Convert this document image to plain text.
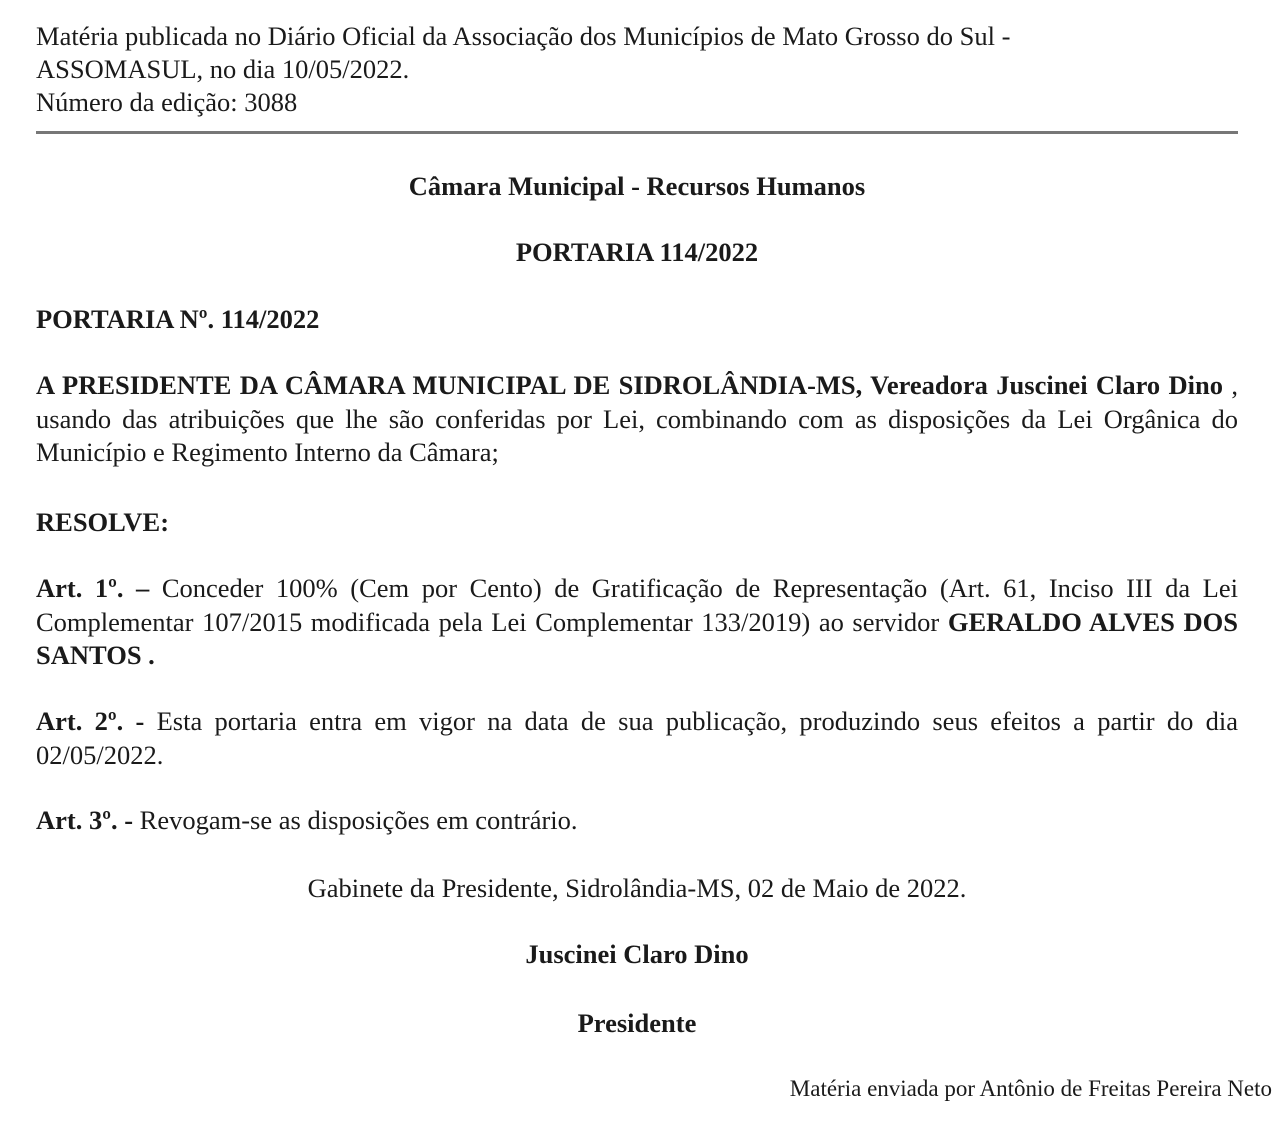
Matéria publicada no Diário Oficial da Associação dos Municípios de Mato Grosso do Sul -
ASSOMASUL, no dia 10/05/2022.
Número da edição: 3088
Câmara Municipal - Recursos Humanos
PORTARIA 114/2022
PORTARIA Nº. 114/2022
A PRESIDENTE DA CÂMARA MUNICIPAL DE SIDROLÂNDIA-MS, Vereadora Juscinei Claro Dino , usando das atribuições que lhe são conferidas por Lei, combinando com as disposições da Lei Orgânica do Município e Regimento Interno da Câmara;
RESOLVE:
Art. 1º. – Conceder 100% (Cem por Cento) de Gratificação de Representação (Art. 61, Inciso III da Lei Complementar 107/2015 modificada pela Lei Complementar 133/2019) ao servidor GERALDO ALVES DOS SANTOS .
Art. 2º. - Esta portaria entra em vigor na data de sua publicação, produzindo seus efeitos a partir do dia 02/05/2022.
Art. 3º. - Revogam-se as disposições em contrário.
Gabinete da Presidente, Sidrolândia-MS, 02 de Maio de 2022.
Juscinei Claro Dino
Presidente
Matéria enviada por Antônio de Freitas Pereira Neto
